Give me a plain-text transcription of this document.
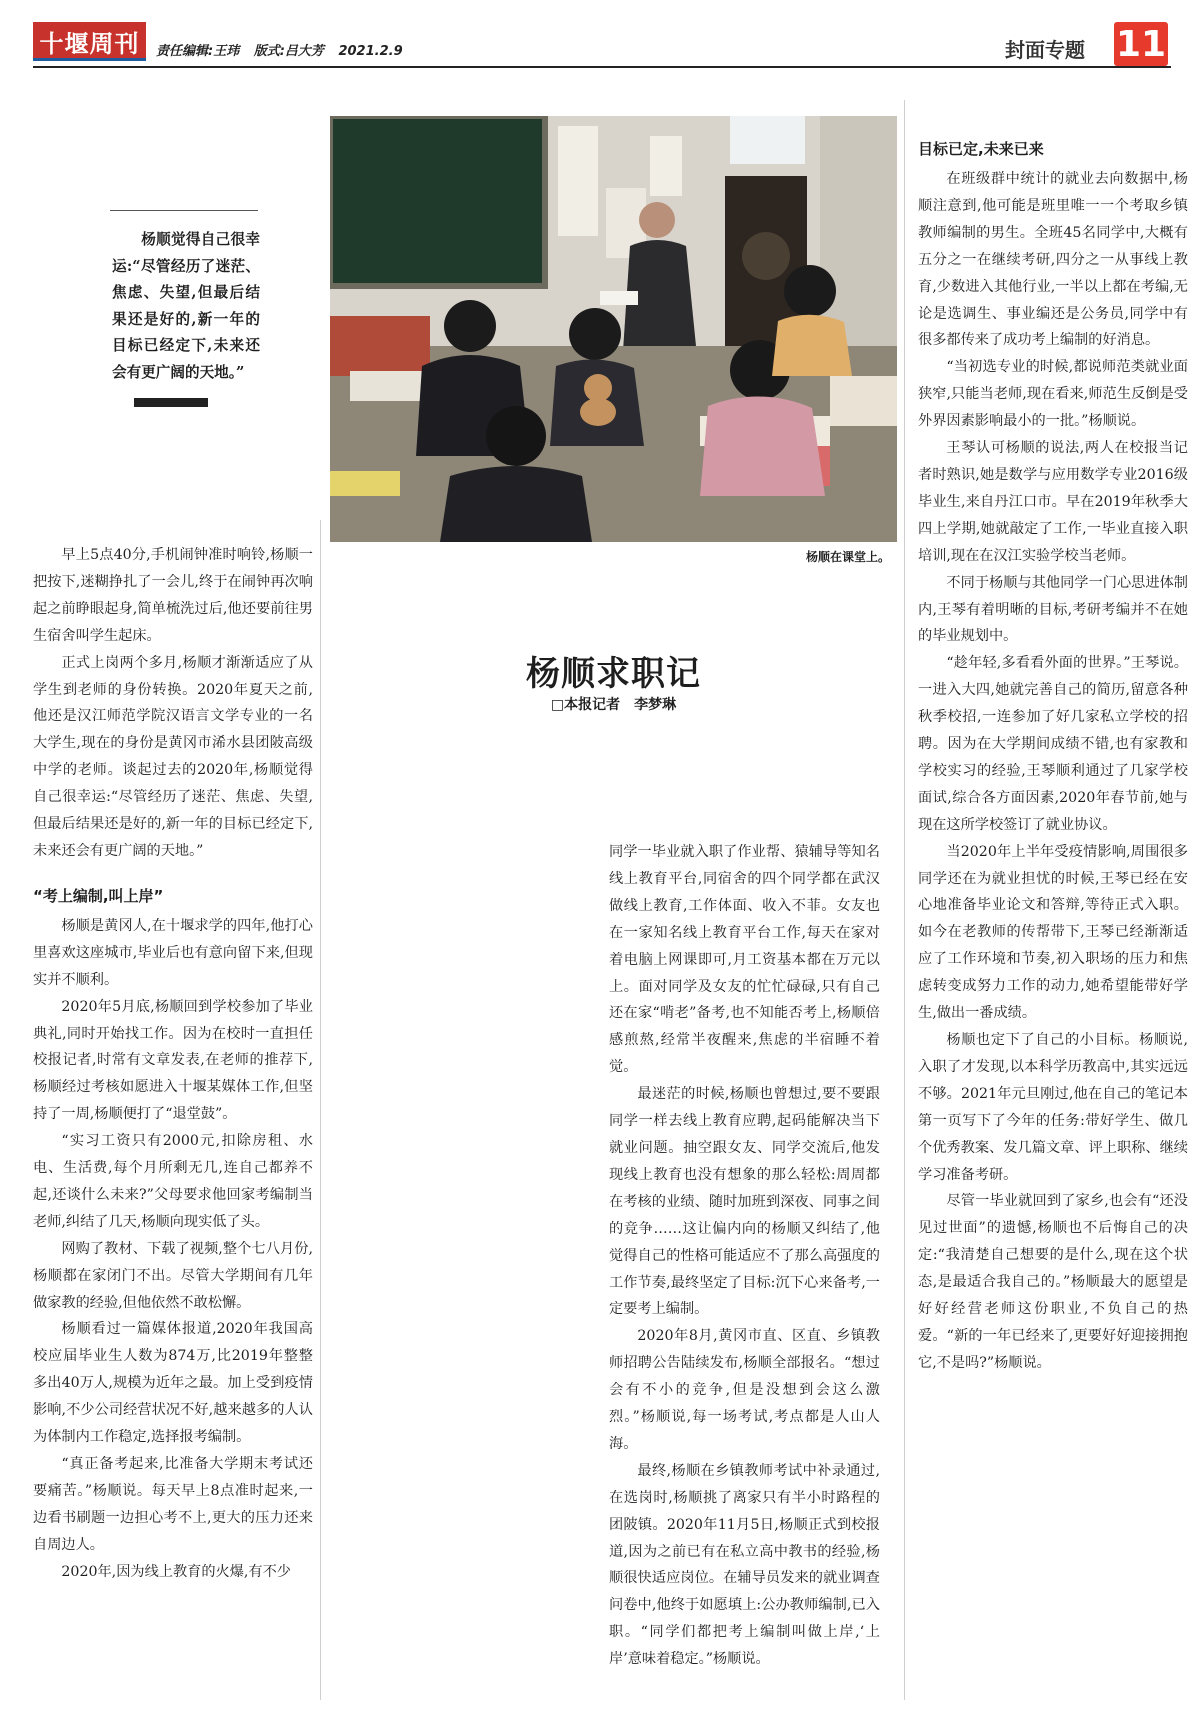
十堰周刊	责任编辑:王玮 版式:吕大芳 2021.2.9	封面专题 11
杨顺在课堂上。
杨顺觉得自己很幸运:“尽管经历了迷茫、焦虑、失望,但最后结果还是好的,新一年的目标已经定下,未来还会有更广阔的天地。”
杨顺求职记
□本报记者　李梦琳

早上5点40分,手机闹钟准时响铃,杨顺一把按下,迷糊挣扎了一会儿,终于在闹钟再次响起之前睁眼起身,简单梳洗过后,他还要前往男生宿舍叫学生起床。

正式上岗两个多月,杨顺才渐渐适应了从学生到老师的身份转换。2020年夏天之前,他还是汉江师范学院汉语言文学专业的一名大学生,现在的身份是黄冈市浠水县团陂高级中学的老师。谈起过去的2020年,杨顺觉得自己很幸运:“尽管经历了迷茫、焦虑、失望,但最后结果还是好的,新一年的目标已经定下,未来还会有更广阔的天地。”

“考上编制,叫上岸”

杨顺是黄冈人,在十堰求学的四年,他打心里喜欢这座城市,毕业后也有意向留下来,但现实并不顺利。

2020年5月底,杨顺回到学校参加了毕业典礼,同时开始找工作。因为在校时一直担任校报记者,时常有文章发表,在老师的推荐下,杨顺经过考核如愿进入十堰某媒体工作,但坚持了一周,杨顺便打了“退堂鼓”。

“实习工资只有2000元,扣除房租、水电、生活费,每个月所剩无几,连自己都养不起,还谈什么未来?”父母要求他回家考编制当老师,纠结了几天,杨顺向现实低了头。

网购了教材、下载了视频,整个七八月份,杨顺都在家闭门不出。尽管大学期间有几年做家教的经验,但他依然不敢松懈。

杨顺看过一篇媒体报道,2020年我国高校应届毕业生人数为874万,比2019年整整多出40万人,规模为近年之最。加上受到疫情影响,不少公司经营状况不好,越来越多的人认为体制内工作稳定,选择报考编制。

“真正备考起来,比准备大学期末考试还要痛苦。”杨顺说。每天早上8点准时起来,一边看书刷题一边担心考不上,更大的压力还来自周边人。

2020年,因为线上教育的火爆,有不少

同学一毕业就入职了作业帮、猿辅导等知名线上教育平台,同宿舍的四个同学都在武汉做线上教育,工作体面、收入不菲。女友也在一家知名线上教育平台工作,每天在家对着电脑上网课即可,月工资基本都在万元以上。面对同学及女友的忙忙碌碌,只有自己还在家“啃老”备考,也不知能否考上,杨顺倍感煎熬,经常半夜醒来,焦虑的半宿睡不着觉。

最迷茫的时候,杨顺也曾想过,要不要跟同学一样去线上教育应聘,起码能解决当下就业问题。抽空跟女友、同学交流后,他发现线上教育也没有想象的那么轻松:周周都在考核的业绩、随时加班到深夜、同事之间的竞争……这让偏内向的杨顺又纠结了,他觉得自己的性格可能适应不了那么高强度的工作节奏,最终坚定了目标:沉下心来备考,一定要考上编制。

2020年8月,黄冈市直、区直、乡镇教师招聘公告陆续发布,杨顺全部报名。“想过会有不小的竞争,但是没想到会这么激烈。”杨顺说,每一场考试,考点都是人山人海。

最终,杨顺在乡镇教师考试中补录通过,在选岗时,杨顺挑了离家只有半小时路程的团陂镇。2020年11月5日,杨顺正式到校报道,因为之前已有在私立高中教书的经验,杨顺很快适应岗位。在辅导员发来的就业调查问卷中,他终于如愿填上:公办教师编制,已入职。“同学们都把考上编制叫做上岸,‘上岸’意味着稳定。”杨顺说。

目标已定,未来已来

在班级群中统计的就业去向数据中,杨顺注意到,他可能是班里唯一一个考取乡镇教师编制的男生。全班45名同学中,大概有五分之一在继续考研,四分之一从事线上教育,少数进入其他行业,一半以上都在考编,无论是选调生、事业编还是公务员,同学中有很多都传来了成功考上编制的好消息。

“当初选专业的时候,都说师范类就业面狭窄,只能当老师,现在看来,师范生反倒是受外界因素影响最小的一批。”杨顺说。

王琴认可杨顺的说法,两人在校报当记者时熟识,她是数学与应用数学专业2016级毕业生,来自丹江口市。早在2019年秋季大四上学期,她就敲定了工作,一毕业直接入职培训,现在在汉江实验学校当老师。

不同于杨顺与其他同学一门心思进体制内,王琴有着明晰的目标,考研考编并不在她的毕业规划中。

“趁年轻,多看看外面的世界。”王琴说。一进入大四,她就完善自己的简历,留意各种秋季校招,一连参加了好几家私立学校的招聘。因为在大学期间成绩不错,也有家教和学校实习的经验,王琴顺利通过了几家学校面试,综合各方面因素,2020年春节前,她与现在这所学校签订了就业协议。

当2020年上半年受疫情影响,周围很多同学还在为就业担忧的时候,王琴已经在安心地准备毕业论文和答辩,等待正式入职。如今在老教师的传帮带下,王琴已经渐渐适应了工作环境和节奏,初入职场的压力和焦虑转变成努力工作的动力,她希望能带好学生,做出一番成绩。

杨顺也定下了自己的小目标。杨顺说,入职了才发现,以本科学历教高中,其实远远不够。2021年元旦刚过,他在自己的笔记本第一页写下了今年的任务:带好学生、做几个优秀教案、发几篇文章、评上职称、继续学习准备考研。

尽管一毕业就回到了家乡,也会有“还没见过世面”的遗憾,杨顺也不后悔自己的决定:“我清楚自己想要的是什么,现在这个状态,是最适合我自己的。”杨顺最大的愿望是好好经营老师这份职业,不负自己的热爱。“新的一年已经来了,更要好好迎接拥抱它,不是吗?”杨顺说。
